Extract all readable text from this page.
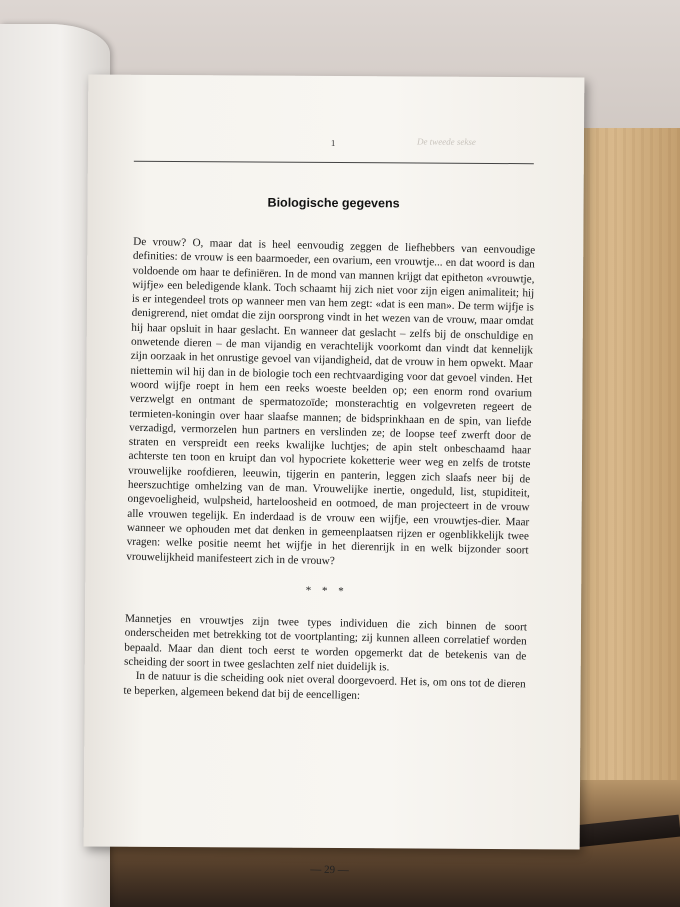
1	De tweede sekse
Biologische gegevens

De vrouw? O, maar dat is heel eenvoudig zeggen de liefhebbers van eenvoudige definities: de vrouw is een baarmoeder, een ovarium, een vrouwtje... en dat woord is dan voldoende om haar te definiëren. In de mond van mannen krijgt dat epitheton «vrouwtje, wijfje» een beledigende klank. Toch schaamt hij zich niet voor zijn eigen animaliteit; hij is er integendeel trots op wanneer men van hem zegt: «dat is een man». De term wijfje is denigrerend, niet omdat die zijn oorsprong vindt in het wezen van de vrouw, maar omdat hij haar opsluit in haar geslacht. En wanneer dat geslacht – zelfs bij de onschuldige en onwetende dieren – de man vijandig en verachtelijk voorkomt dan vindt dat kennelijk zijn oorzaak in het onrustige gevoel van vijandigheid, dat de vrouw in hem opwekt. Maar niettemin wil hij dan in de biologie toch een rechtvaardiging voor dat gevoel vinden. Het woord wijfje roept in hem een reeks woeste beelden op; een enorm rond ovarium verzwelgt en ontmant de spermatozoïde; monsterachtig en volgevreten regeert de termieten-koningin over haar slaafse mannen; de bidsprinkhaan en de spin, van liefde verzadigd, vermorzelen hun partners en verslinden ze; de loopse teef zwerft door de straten en verspreidt een reeks kwalijke luchtjes; de apin stelt onbeschaamd haar achterste ten toon en kruipt dan vol hypocriete koketterie weer weg en zelfs de trotste vrouwelijke roofdieren, leeuwin, tijgerin en panterin, leggen zich slaafs neer bij de heerszuchtige omhelzing van de man. Vrouwelijke inertie, ongeduld, list, stupiditeit, ongevoeligheid, wulpsheid, harteloosheid en ootmoed, de man projecteert in de vrouw alle vrouwen tegelijk. En inderdaad is de vrouw een wijfje, een vrouwtjes-dier. Maar wanneer we ophouden met dat denken in gemeenplaatsen rijzen er ogenblikkelijk twee vragen: welke positie neemt het wijfje in het dierenrijk in en welk bijzonder soort vrouwelijkheid manifesteert zich in de vrouw?

* * *

Mannetjes en vrouwtjes zijn twee types individuen die zich binnen de soort onderscheiden met betrekking tot de voortplanting; zij kunnen alleen correlatief worden bepaald. Maar dan dient toch eerst te worden opgemerkt dat de betekenis van de scheiding der soort in twee geslachten zelf niet duidelijk is.

In de natuur is die scheiding ook niet overal doorgevoerd. Het is, om ons tot de dieren te beperken, algemeen bekend dat bij de eencelligen:

— 29 —
